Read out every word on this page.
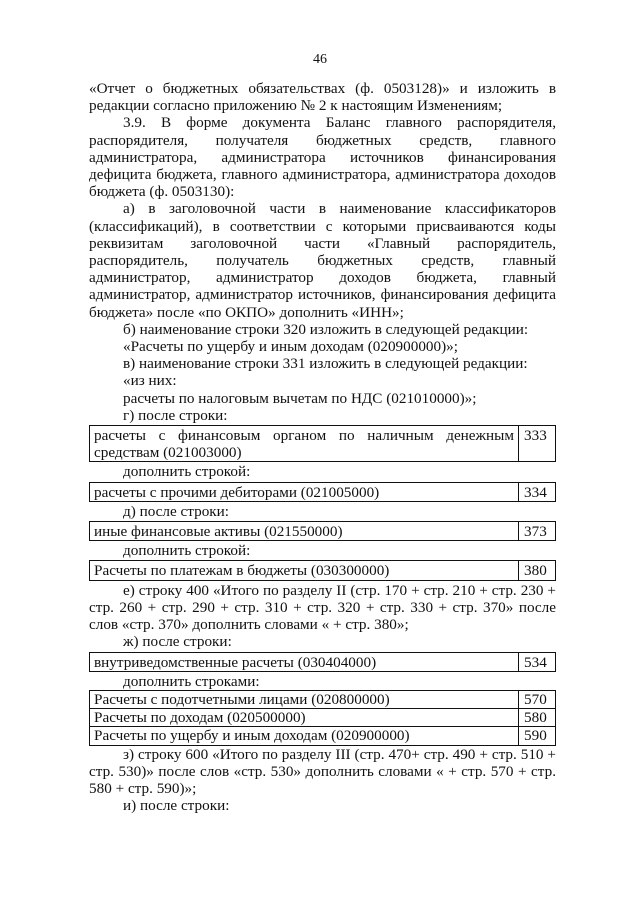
46

«Отчет о бюджетных обязательствах (ф. 0503128)» и изложить в редакции согласно приложению № 2 к настоящим Изменениям;

3.9. В форме документа Баланс главного распорядителя, распорядителя, получателя бюджетных средств, главного администратора, администратора источников финансирования дефицита бюджета, главного администратора, администратора доходов бюджета (ф. 0503130):

а) в заголовочной части в наименование классификаторов (классификаций), в соответствии с которыми присваиваются коды реквизитам заголовочной части «Главный распорядитель, распорядитель, получатель бюджетных средств, главный администратор, администратор доходов бюджета, главный администратор, администратор источников, финансирования дефицита бюджета» после «по ОКПО» дополнить «ИНН»;

б) наименование строки 320 изложить в следующей редакции:

«Расчеты по ущербу и иным доходам (020900000)»;

в) наименование строки 331 изложить в следующей редакции:

«из них:

расчеты по налоговым вычетам по НДС (021010000)»;

г) после строки:

расчеты с финансовым органом по наличным денежным средствам (021003000)	333

дополнить строкой:

расчеты с прочими дебиторами (021005000)	334

д) после строки:

иные финансовые активы (021550000)	373

дополнить строкой:

Расчеты по платежам в бюджеты (030300000)	380

е) строку 400 «Итого по разделу II (стр. 170 + стр. 210 + стр. 230 + стр. 260 + стр. 290 + стр. 310 + стр. 320 + стр. 330 + стр. 370» после слов «стр. 370» дополнить словами « + стр. 380»;

ж) после строки:

внутриведомственные расчеты (030404000)	534

дополнить строками:

Расчеты с подотчетными лицами (020800000)	570
Расчеты по доходам (020500000)	580
Расчеты по ущербу и иным доходам (020900000)	590

з) строку 600 «Итого по разделу III (стр. 470+ стр. 490 + стр. 510 + стр. 530)» после слов «стр. 530» дополнить словами « + стр. 570 + стр. 580 + стр. 590)»;

и) после строки:
